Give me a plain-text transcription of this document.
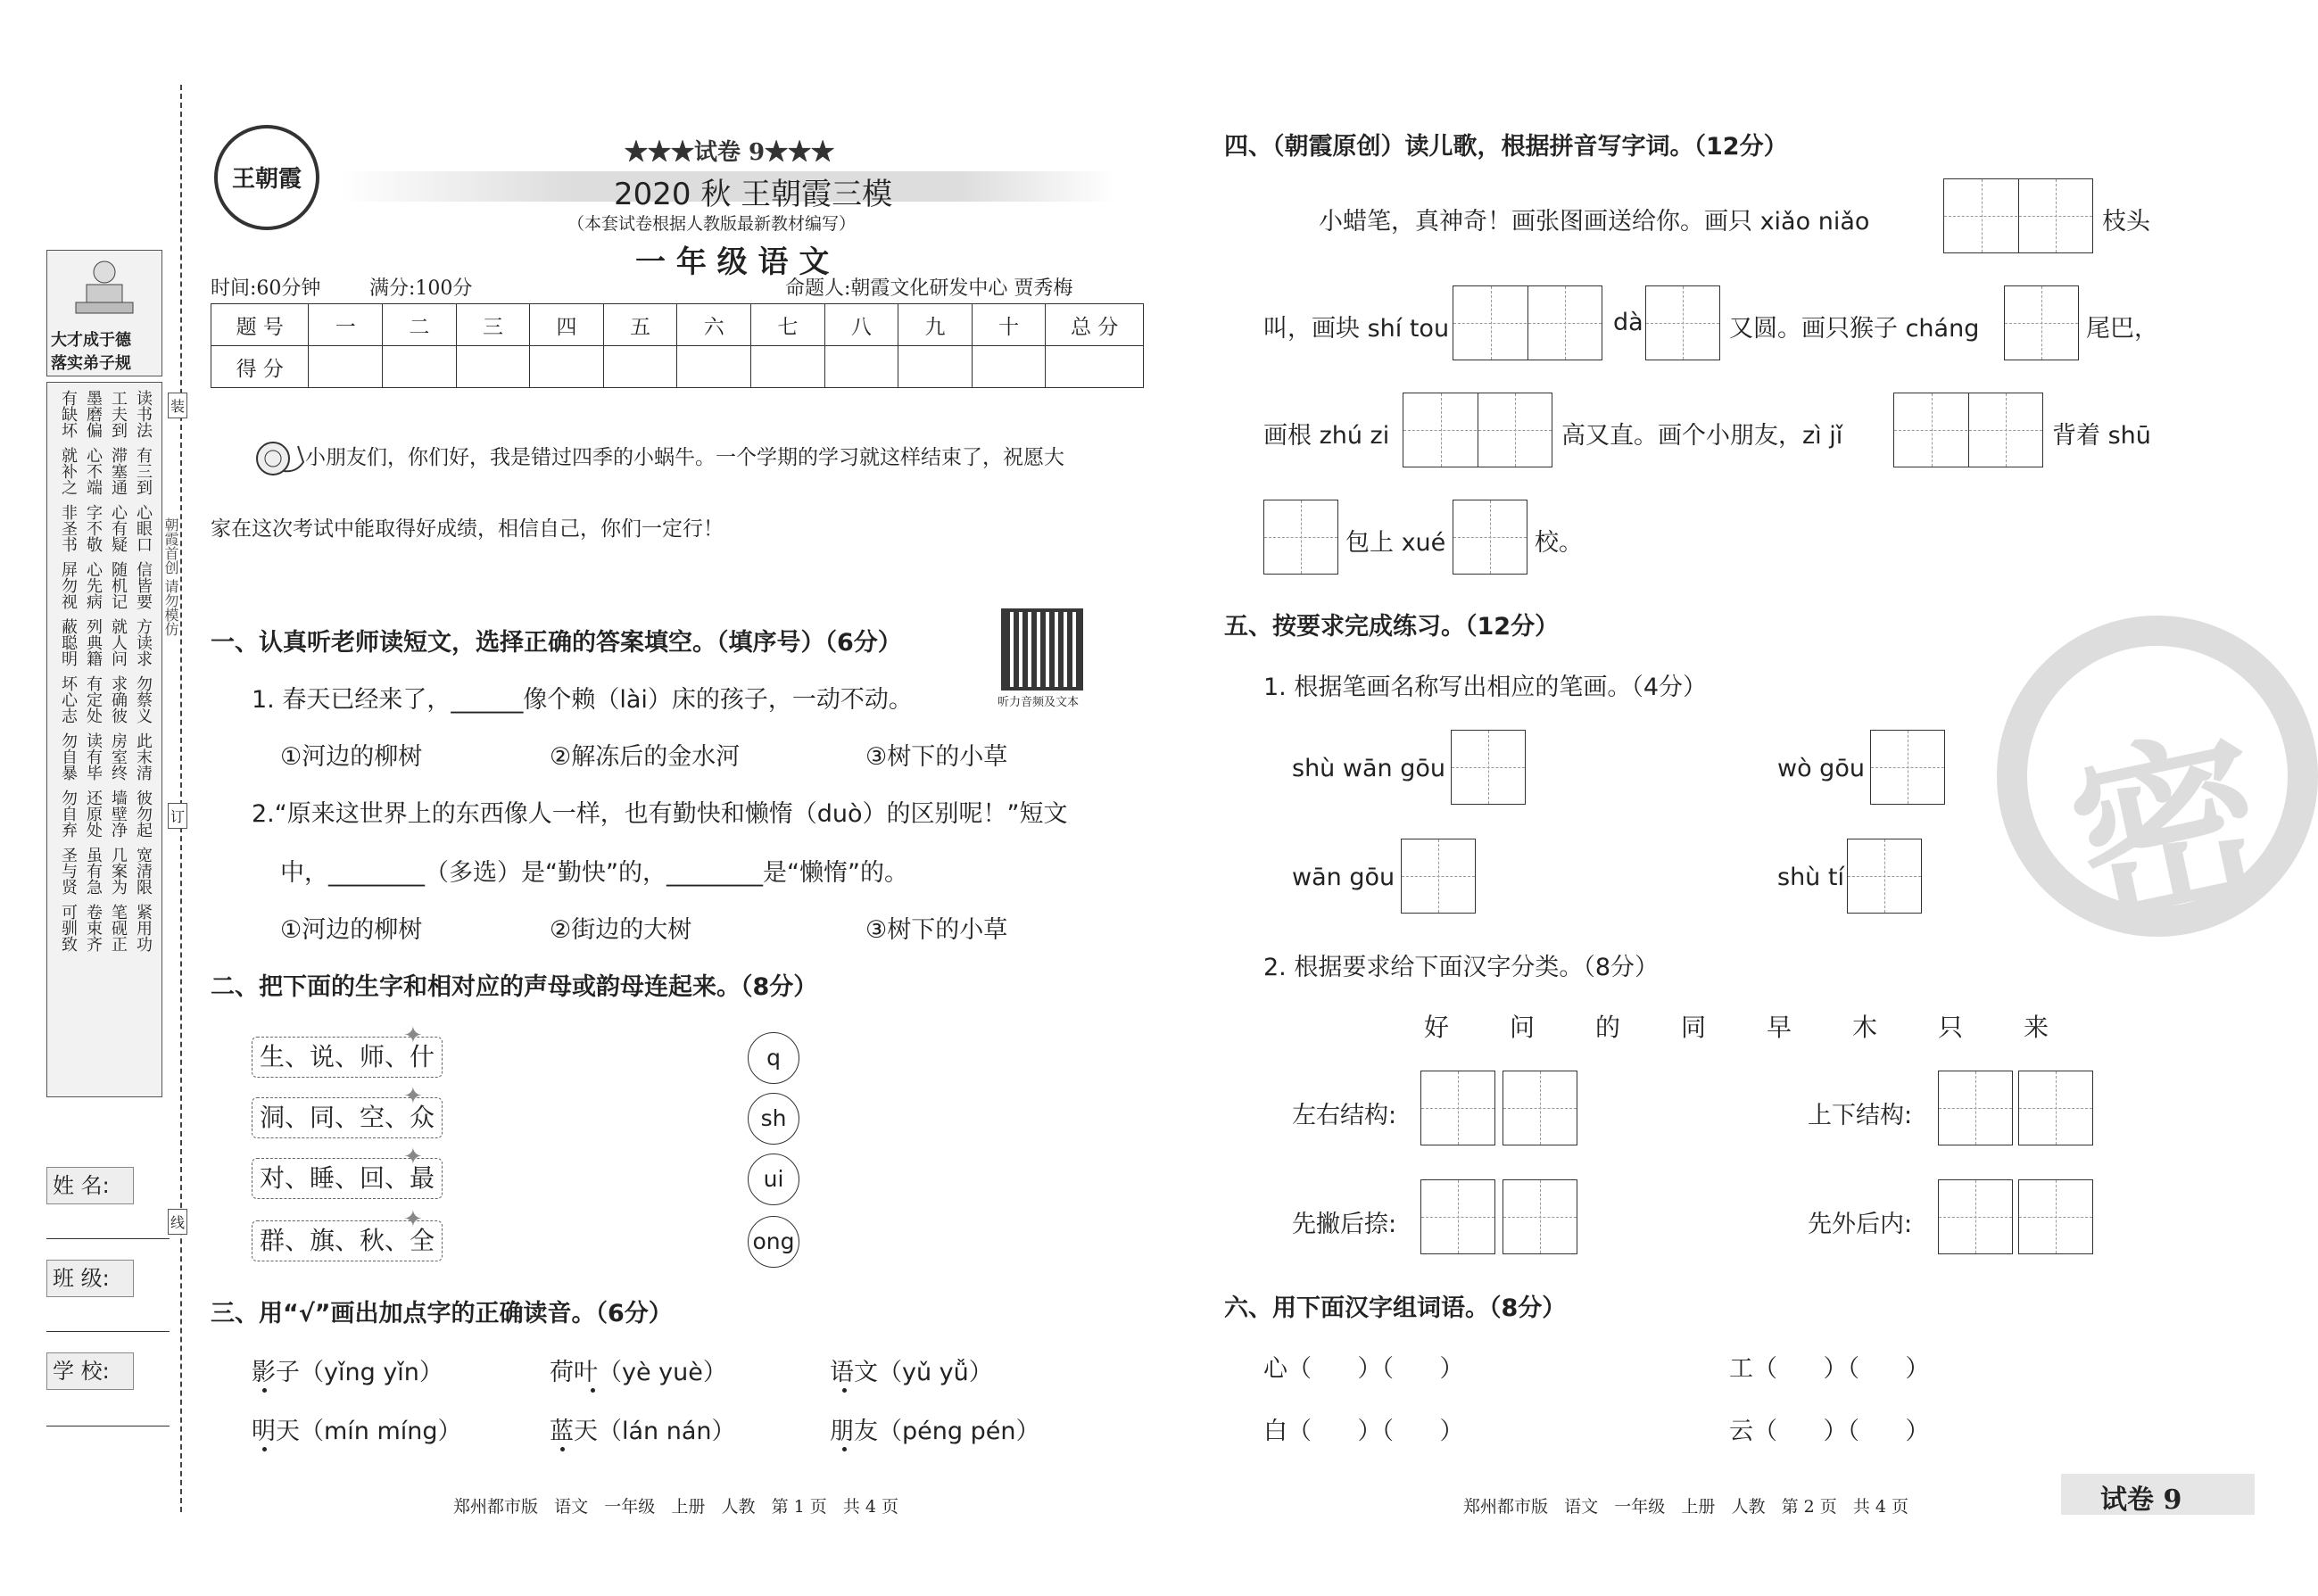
大才成于德
落实弟子规
有缺坏 墨磨偏 工夫到 读书法
就补之 心不端 滞塞通 有三到
非圣书 字不敬 心有疑 心眼口
屏勿视 心先病 随机记 信皆要
蔽聪明 列典籍 就人问 方读求
坏心志 有定处 求确彼 勿蔡义
勿自暴 读有毕 房室终 此末清
勿自弃 还原处 墙壁净 彼勿起
圣与贤 虽有急 几案为 宽清限
可驯致 卷束齐 笔砚正 紧用功
姓 名:
班 级:
学 校:
装
订
线
朝霞首创 请勿模仿
王朝霞
★★★试卷 9★★★
2020 秋 王朝霞三模
（本套试卷根据人教版最新教材编写）
一 年 级 语 文
时间:60分钟 满分:100分	命题人:朝霞文化研发中心 贾秀梅
题 号	一	二	三	四	五	六	七	八	九	十	总 分
得 分											
小朋友们，你们好，我是错过四季的小蜗牛。一个学期的学习就这样结束了，祝愿大
家在这次考试中能取得好成绩，相信自己，你们一定行！
一、认真听老师读短文，选择正确的答案填空。（填序号）（6分）
听力音频及文本
1. 春天已经来了，______像个赖（lài）床的孩子，一动不动。
①河边的柳树	②解冻后的金水河	③树下的小草
2.“原来这世界上的东西像人一样，也有勤快和懒惰（duò）的区别呢！”短文
中，________（多选）是“勤快”的，________是“懒惰”的。
①河边的柳树	②街边的大树	③树下的小草
二、把下面的生字和相对应的声母或韵母连起来。（8分）
生、说、师、什
洞、同、空、众
对、睡、回、最
群、旗、秋、全
✦
✦
✦
✦
q
sh
ui
ong
三、用“√”画出加点字的正确读音。（6分）
影子（yǐng yǐn）	荷叶（yè yuè）	语文（yǔ yǚ）
明天（mín míng）	蓝天（lán nán）	朋友（péng pén）
郑州都市版   语文   一年级   上册   人教   第 1 页   共 4 页
四、（朝霞原创）读儿歌，根据拼音写字词。（12分）
小蜡笔，真神奇！画张图画送给你。画只 xiǎo niǎo	枝头
叫，画块 shí tou	dà	又圆。画只猴子 cháng	尾巴，
画根 zhú zi	高又直。画个小朋友，zì jǐ	背着 shū
包上 xué	校。
五、按要求完成练习。（12分）
1. 根据笔画名称写出相应的笔画。（4分）
shù wān gōu	wò gōu
wān gōu	shù tí
2. 根据要求给下面汉字分类。（8分）
好 问 的 同 早 木 只 来
左右结构:	上下结构:
先撇后捺:	先外后内:
六、用下面汉字组词语。（8分）
心（      ）（      ）	工（      ）（      ）
白（      ）（      ）	云（      ）（      ）
密
郑州都市版   语文   一年级   上册   人教   第 2 页   共 4 页	试卷 9
